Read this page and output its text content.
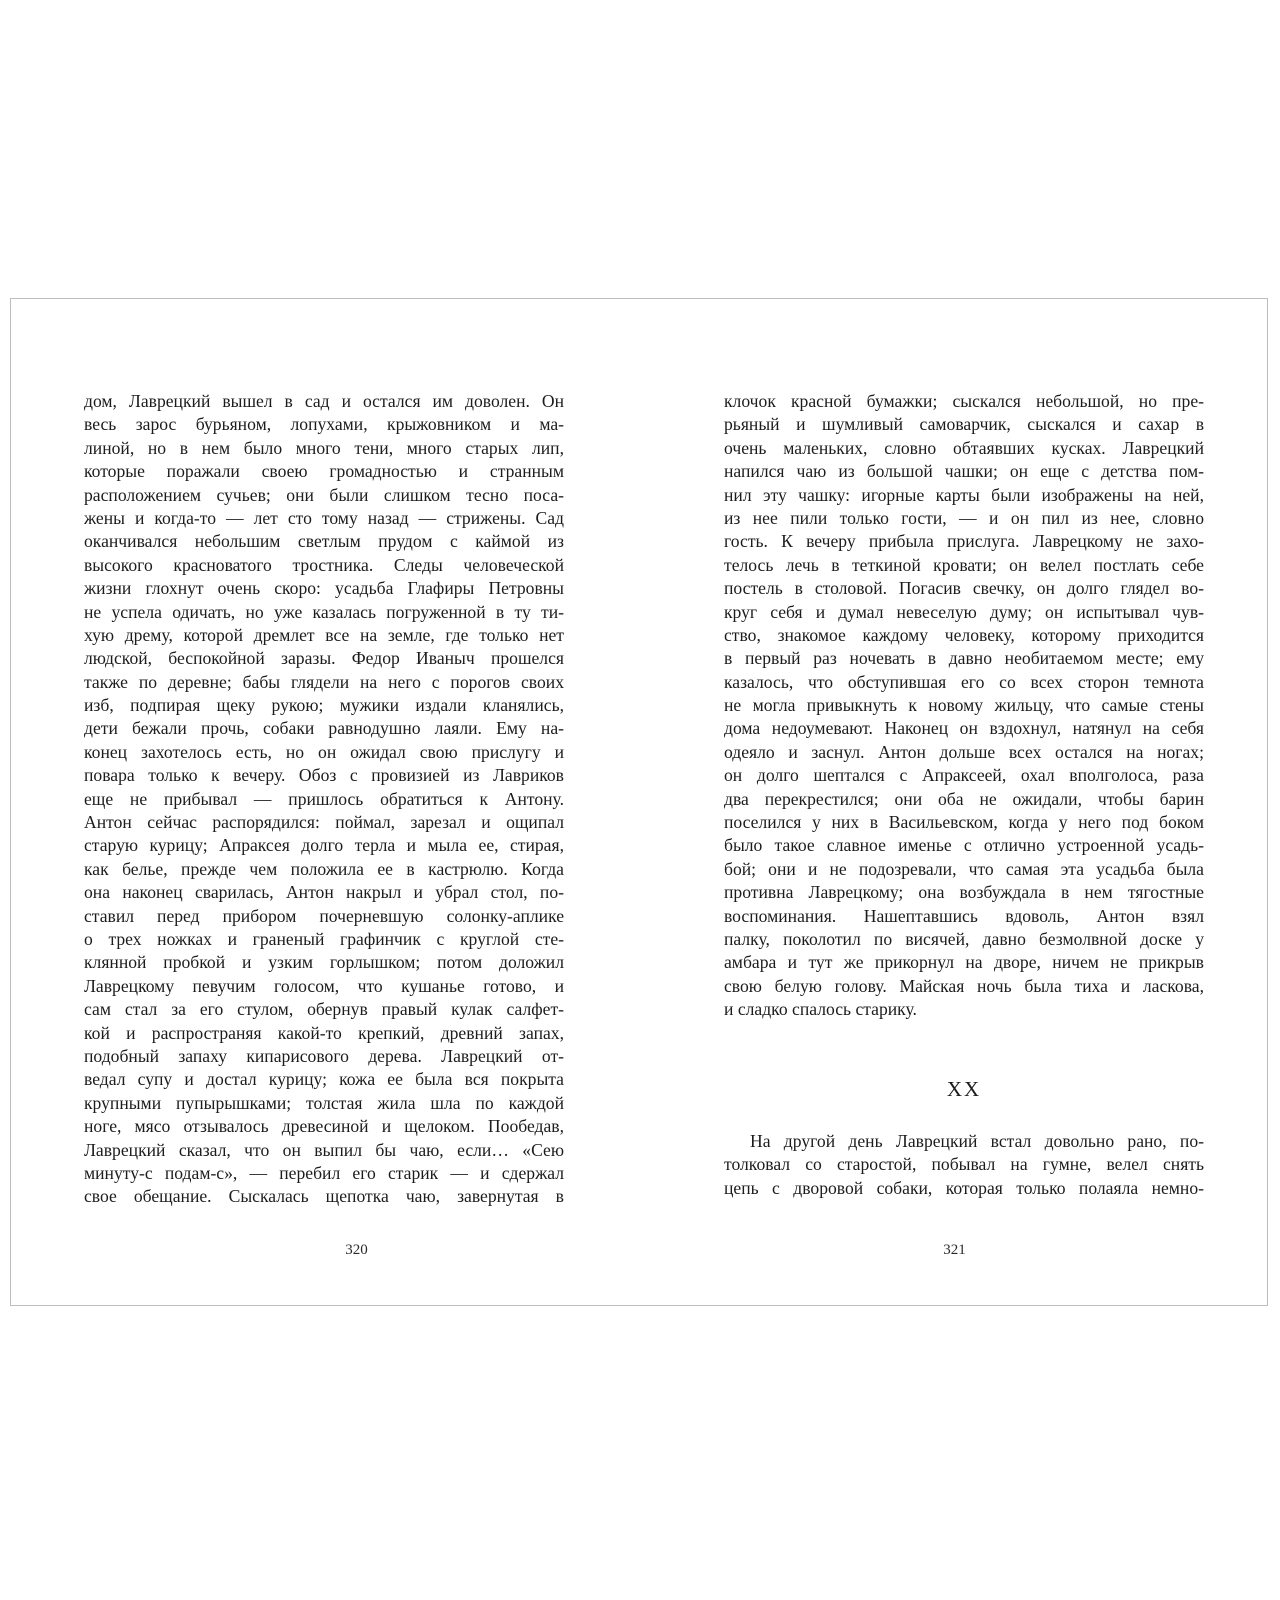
дом, Лаврецкий вышел в сад и остался им доволен. Он
весь зарос бурьяном, лопухами, крыжовником и ма-
линой, но в нем было много тени, много старых лип,
которые поражали своею громадностью и странным
расположением сучьев; они были слишком тесно поса-
жены и когда-то — лет сто тому назад — стрижены. Сад
оканчивался небольшим светлым прудом с каймой из
высокого красноватого тростника. Следы человеческой
жизни глохнут очень скоро: усадьба Глафиры Петровны
не успела одичать, но уже казалась погруженной в ту ти-
хую дрему, которой дремлет все на земле, где только нет
людской, беспокойной заразы. Федор Иваныч прошелся
также по деревне; бабы глядели на него с порогов своих
изб, подпирая щеку рукою; мужики издали кланялись,
дети бежали прочь, собаки равнодушно лаяли. Ему на-
конец захотелось есть, но он ожидал свою прислугу и
повара только к вечеру. Обоз с провизией из Лавриков
еще не прибывал — пришлось обратиться к Антону.
Антон сейчас распорядился: поймал, зарезал и ощипал
старую курицу; Апраксея долго терла и мыла ее, стирая,
как белье, прежде чем положила ее в кастрюлю. Когда
она наконец сварилась, Антон накрыл и убрал стол, по-
ставил перед прибором почерневшую солонку-аплике
о трех ножках и граненый графинчик с круглой сте-
клянной пробкой и узким горлышком; потом доложил
Лаврецкому певучим голосом, что кушанье готово, и
сам стал за его стулом, обернув правый кулак салфет-
кой и распространяя какой-то крепкий, древний запах,
подобный запаху кипарисового дерева. Лаврецкий от-
ведал супу и достал курицу; кожа ее была вся покрыта
крупными пупырышками; толстая жила шла по каждой
ноге, мясо отзывалось древесиной и щелоком. Пообедав,
Лаврецкий сказал, что он выпил бы чаю, если… «Сею
минуту-с подам-с», — перебил его старик — и сдержал
свое обещание. Сыскалась щепотка чаю, завернутая в
320
клочок красной бумажки; сыскался небольшой, но пре-
рьяный и шумливый самоварчик, сыскался и сахар в
очень маленьких, словно обтаявших кусках. Лаврецкий
напился чаю из большой чашки; он еще с детства пом-
нил эту чашку: игорные карты были изображены на ней,
из нее пили только гости, — и он пил из нее, словно
гость. К вечеру прибыла прислуга. Лаврецкому не захо-
телось лечь в теткиной кровати; он велел постлать себе
постель в столовой. Погасив свечку, он долго глядел во-
круг себя и думал невеселую думу; он испытывал чув-
ство, знакомое каждому человеку, которому приходится
в первый раз ночевать в давно необитаемом месте; ему
казалось, что обступившая его со всех сторон темнота
не могла привыкнуть к новому жильцу, что самые стены
дома недоумевают. Наконец он вздохнул, натянул на себя
одеяло и заснул. Антон дольше всех остался на ногах;
он долго шептался с Апраксеей, охал вполголоса, раза
два перекрестился; они оба не ожидали, чтобы барин
поселился у них в Васильевском, когда у него под боком
было такое славное именье с отлично устроенной усадь-
бой; они и не подозревали, что самая эта усадьба была
противна Лаврецкому; она возбуждала в нем тягостные
воспоминания. Нашептавшись вдоволь, Антон взял
палку, поколотил по висячей, давно безмолвной доске у
амбара и тут же прикорнул на дворе, ничем не прикрыв
свою белую голову. Майская ночь была тиха и ласкова,
и сладко спалось старику.
XX
На другой день Лаврецкий встал довольно рано, по-
толковал со старостой, побывал на гумне, велел снять
цепь с дворовой собаки, которая только полаяла немно-
321
